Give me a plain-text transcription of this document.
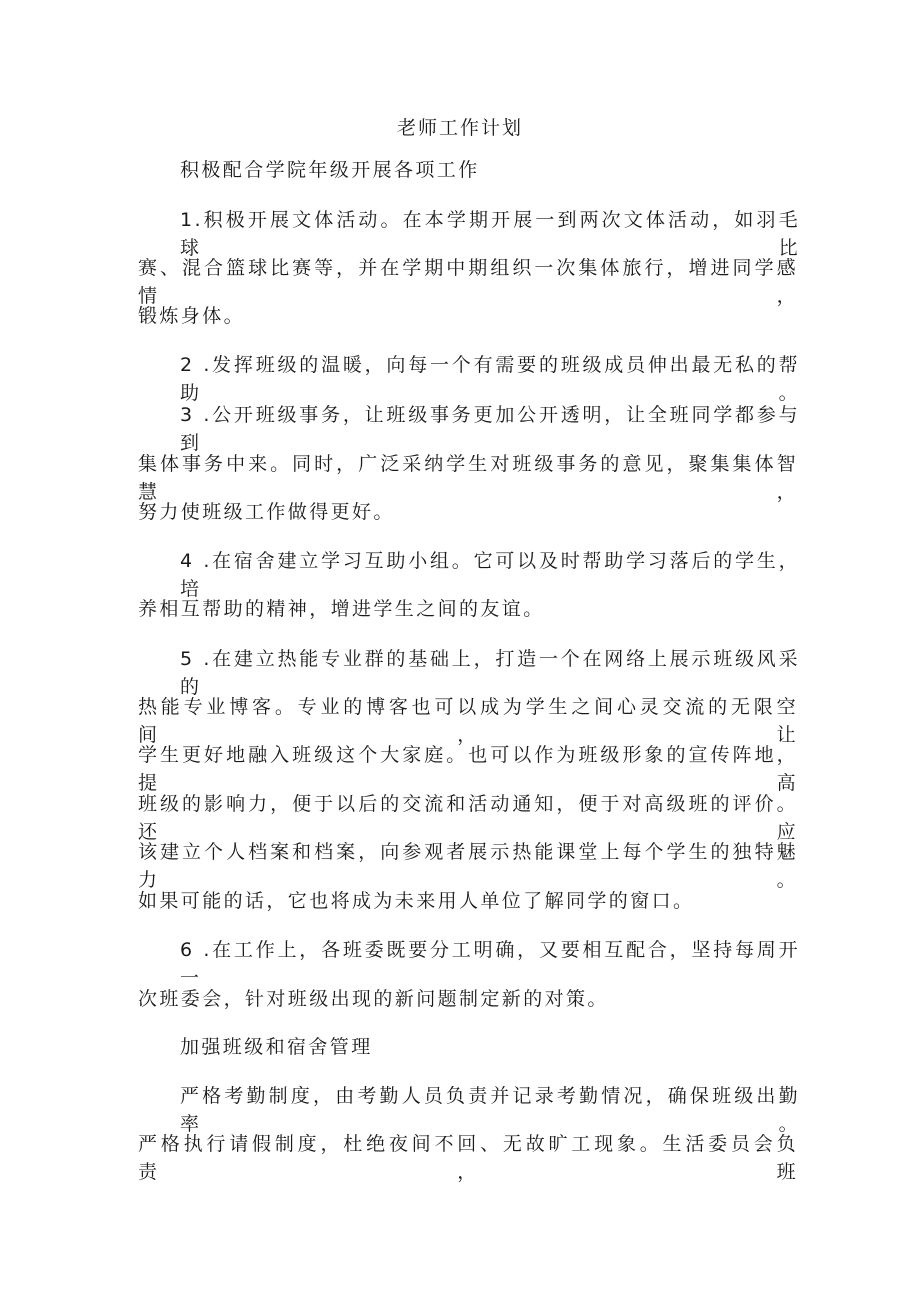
老师工作计划
积极配合学院年级开展各项工作
1.积极开展文体活动。在本学期开展一到两次文体活动，如羽毛球比
赛、混合篮球比赛等，并在学期中期组织一次集体旅行，增进同学感情，
锻炼身体。
2 .发挥班级的温暖，向每一个有需要的班级成员伸出最无私的帮助。
3 .公开班级事务，让班级事务更加公开透明，让全班同学都参与到
集体事务中来。同时，广泛采纳学生对班级事务的意见，聚集集体智慧，
努力使班级工作做得更好。
4 .在宿舍建立学习互助小组。它可以及时帮助学习落后的学生，培
养相互帮助的精神，增进学生之间的友谊。
5 .在建立热能专业群的基础上，打造一个在网络上展示班级风采的
热能专业博客。专业的博客也可以成为学生之间心灵交流的无限空间，让
学生更好地融入班级这个大家庭。也可以作为班级形象的宣传阵地，提高
班级的影响力，便于以后的交流和活动通知，便于对高级班的评价。还应
该建立个人档案和档案，向参观者展示热能课堂上每个学生的独特魅力。
如果可能的话，它也将成为未来用人单位了解同学的窗口。
6 .在工作上，各班委既要分工明确，又要相互配合，坚持每周开一
次班委会，针对班级出现的新问题制定新的对策。
加强班级和宿舍管理
严格考勤制度，由考勤人员负责并记录考勤情况，确保班级出勤率。
严格执行请假制度，杜绝夜间不回、无故旷工现象。生活委员会负责，班
